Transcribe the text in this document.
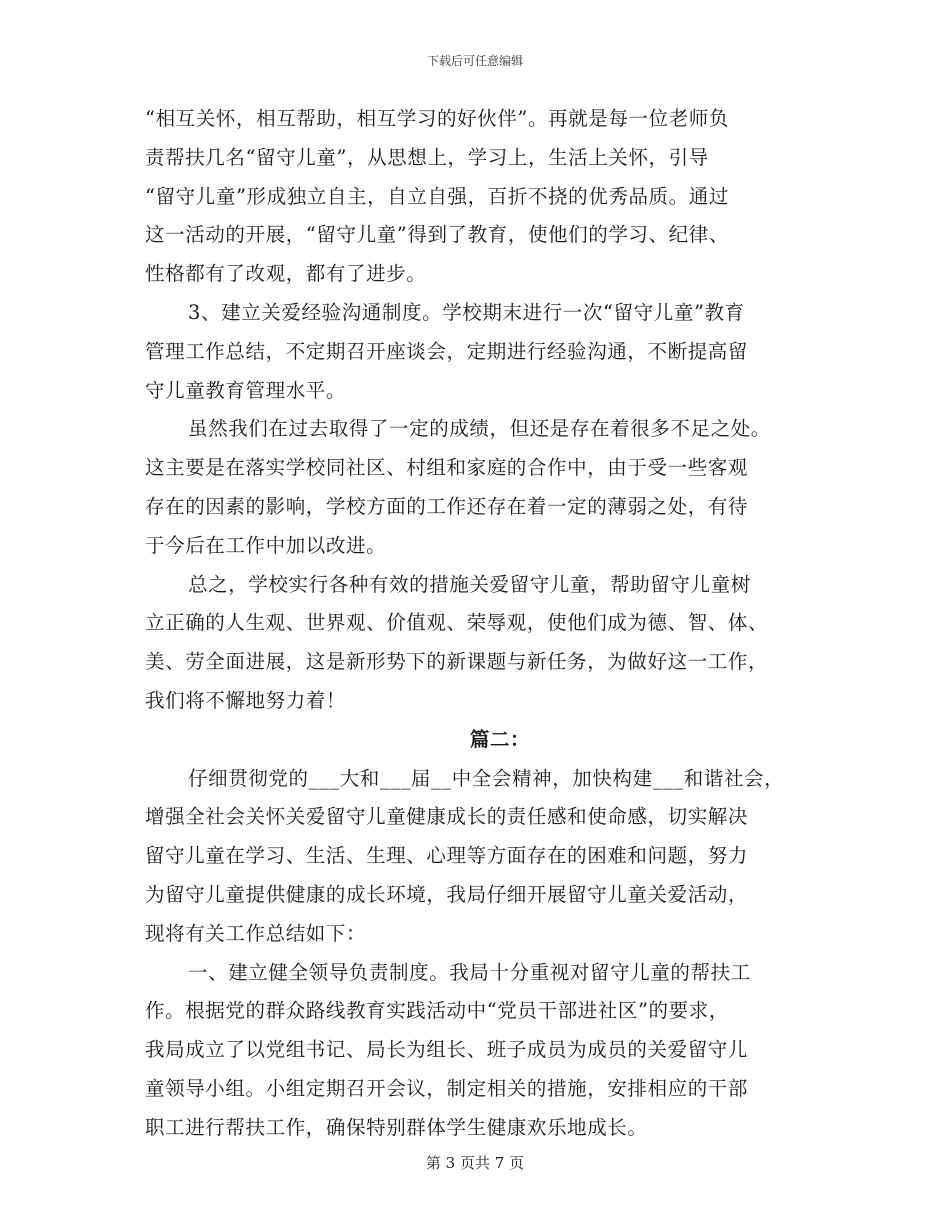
下载后可任意编辑
“相互关怀，相互帮助，相互学习的好伙伴”。再就是每一位老师负
责帮扶几名“留守儿童”，从思想上，学习上，生活上关怀，引导
“留守儿童”形成独立自主，自立自强，百折不挠的优秀品质。通过
这一活动的开展，“留守儿童”得到了教育，使他们的学习、纪律、
性格都有了改观，都有了进步。
3、建立关爱经验沟通制度。学校期末进行一次“留守儿童”教育
管理工作总结，不定期召开座谈会，定期进行经验沟通，不断提高留
守儿童教育管理水平。
虽然我们在过去取得了一定的成绩，但还是存在着很多不足之处。
这主要是在落实学校同社区、村组和家庭的合作中，由于受一些客观
存在的因素的影响，学校方面的工作还存在着一定的薄弱之处，有待
于今后在工作中加以改进。
总之，学校实行各种有效的措施关爱留守儿童，帮助留守儿童树
立正确的人生观、世界观、价值观、荣辱观，使他们成为德、智、体、
美、劳全面进展，这是新形势下的新课题与新任务，为做好这一工作，
我们将不懈地努力着！
篇二：
仔细贯彻党的___大和___届__中全会精神，加快构建___和谐社会，
增强全社会关怀关爱留守儿童健康成长的责任感和使命感，切实解决
留守儿童在学习、生活、生理、心理等方面存在的困难和问题，努力
为留守儿童提供健康的成长环境，我局仔细开展留守儿童关爱活动，
现将有关工作总结如下：
一、建立健全领导负责制度。我局十分重视对留守儿童的帮扶工
作。根据党的群众路线教育实践活动中“党员干部进社区”的要求，
我局成立了以党组书记、局长为组长、班子成员为成员的关爱留守儿
童领导小组。小组定期召开会议，制定相关的措施，安排相应的干部
职工进行帮扶工作，确保特别群体学生健康欢乐地成长。
第 3 页共 7 页
